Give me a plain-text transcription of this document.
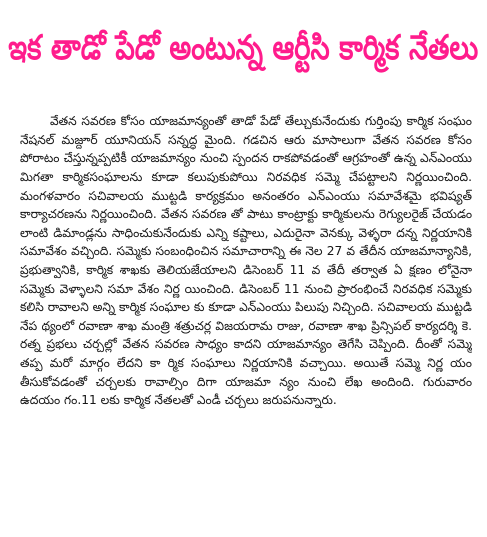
ఇక తాడో పేడో అంటున్న ఆర్టీసి కార్మిక నేతలు

వేతన సవరణ కోసం యాజమాన్యంతో తాడో పేడో తేల్చుకునేందుకు గుర్తింపు కార్మిక సంఘం నేషనల్ మజ్దూర్ యూనియన్ సన్నద్ధ మైంది. గడచిన ఆరు మాసాలుగా వేతన సవరణ కోసం పోరాటం చేస్తున్నప్పటికీ యాజమాన్యం నుంచి స్పందన రాకపోవడంతో ఆగ్రహంతో ఉన్న ఎన్ఎంయు మిగతా కార్మికసంఘాలను కూడా కలుపుకుపోయి నిరవధిక సమ్మె చేపట్టాలని నిర్ణయించింది. మంగళవారం సచివాలయ ముట్టడి కార్యక్రమం అనంతరం ఎన్ఎంయు సమావేశమై భవిష్యత్ కార్యాచరణను నిర్ణయించింది. వేతన సవరణ తో పాటు కాంట్రాక్టు కార్మికులను రెగ్యులరైజ్ చేయడం లాంటి డిమాండ్లను సాధించుకునేందుకు ఎన్ని కష్టాలు, ఎదురైనా వెనక్కు వెళ్ళరా దన్న నిర్ణయానికి సమావేశం వచ్చింది. సమ్మెకు సంబంధించిన సమాచారాన్ని ఈ నెల 27 వ తేదీన యాజమాన్యానికి, ప్రభుత్వానికి, కార్మిక శాఖకు తెలియజేయాలని డిసెంబర్ 11 వ తేదీ తర్వాత ఏ క్షణం లోనైనా సమ్మెకు వెళ్ళాలని సమా వేశం నిర్ణ యించింది. డిసెంబర్ 11 నుంచి ప్రారంభించే నిరవధిక సమ్మెకు కలిసి రావాలని అన్ని కార్మిక సంఘాల కు కూడా ఎన్ఎంయు పిలుపు నిచ్చింది. సచివాలయ ముట్టడి నేప థ్యంలో రవాణా శాఖ మంత్రి శత్రుచర్ల విజయరామ రాజు, రవాణా శాఖ ప్రిన్సిపల్ కార్యదర్శి కె. రత్న ప్రభలు చర్చల్లో వేతన సవరణ సాధ్యం కాదని యాజమాన్యం తెగేసి చెప్పింది. దీంతో సమ్మె తప్ప మరో మార్గం లేదని కా ర్మిక సంఘాలు నిర్ణయానికి వచ్చాయి. అయితే సమ్మె నిర్ణ యం తీసుకోవడంతో చర్చలకు రావాల్సిం దిగా యాజమా న్యం నుంచి లేఖ అందింది. గురువారం ఉదయం గం.11 లకు కార్మిక నేతలతో ఎండీ చర్చలు జరుపనున్నారు.
